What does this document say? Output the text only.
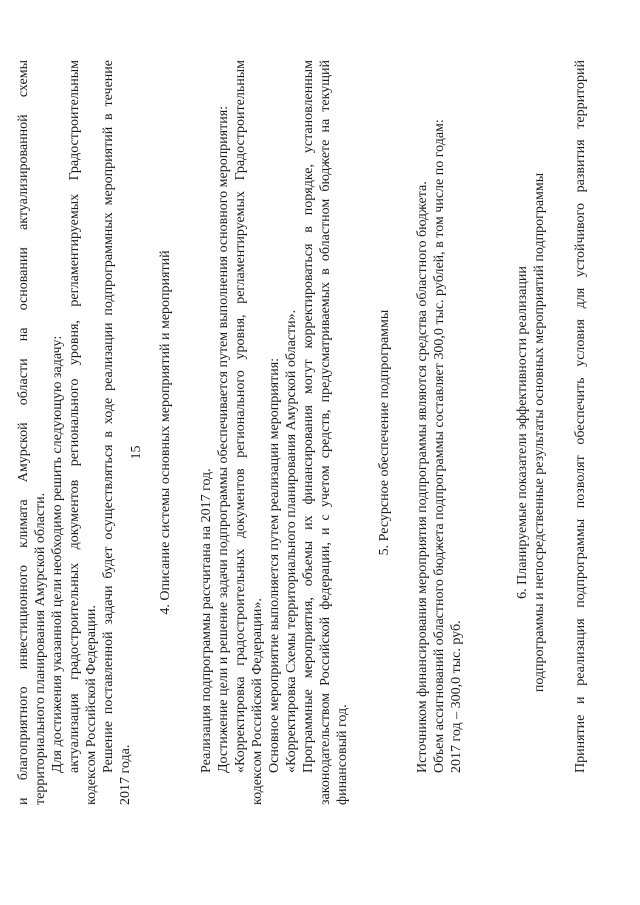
15
и благоприятного инвестиционного климата Амурской области на основании актуализированной схемы территориального планирования Амурской области. Для достижения указанной цели необходимо решить следующую задачу: актуализация градостроительных документов регионального уровня, регламентируемых Градостроительным кодексом Российской Федерации. Решение поставленной задачи будет осуществляться в ходе реализации подпрограммных мероприятий в течение
2017 года.
4. Описание системы основных мероприятий и мероприятий
Реализация подпрограммы рассчитана на 2017 год. Достижение цели и решение задачи подпрограммы обеспечивается путем выполнения основного мероприятия: «Корректировка градостроительных документов регионального уровня, регламентируемых Градостроительным кодексом Российской Федерации». Основное мероприятие выполняется путем реализации мероприятия: «Корректировка Схемы территориального планирования Амурской области». Программные мероприятия, объемы их финансирования могут корректироваться в порядке, установленным законодательством Российской федерации, и с учетом средств, предусматриваемых в областном бюджете на текущий финансовый год.
5. Ресурсное обеспечение подпрограммы Источником финансирования мероприятия подпрограммы являются средства областного бюджета. Объем ассигнований областного бюджета подпрограммы составляет 300,0 тыс. рублей, в том числе по годам: 2017 год – 300,0 тыс. руб.
6. Планируемые показатели эффективности реализации подпрограммы и непосредственные результаты основных мероприятий подпрограммы Принятие и реализация подпрограммы позволят обеспечить условия для устойчивого развития территорий
